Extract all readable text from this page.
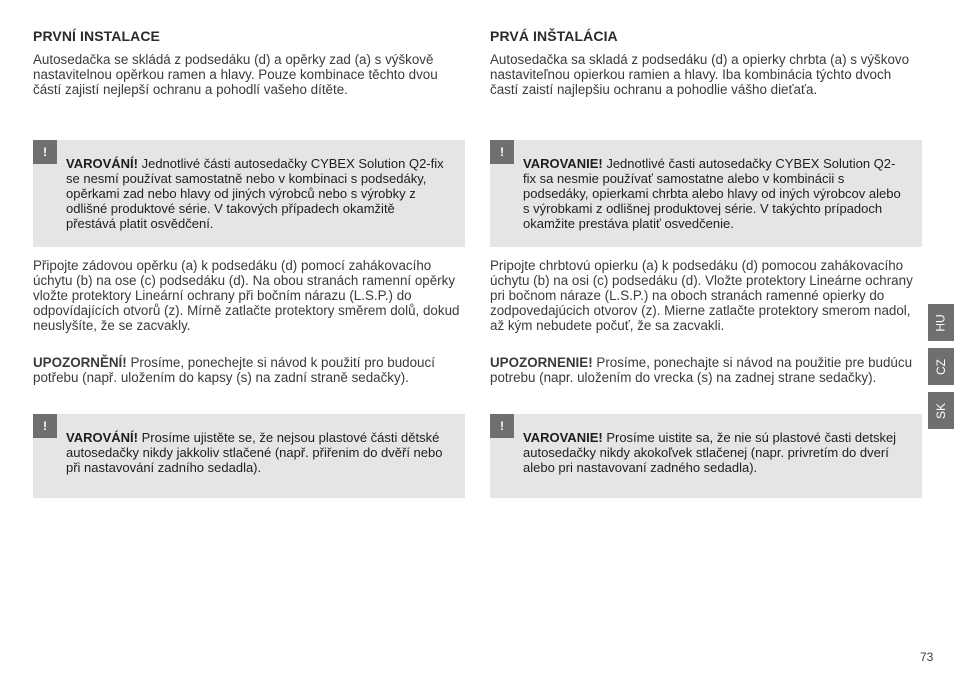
PRVNÍ INSTALACE

Autosedačka se skládá z podsedáku (d) a opěrky zad (a) s výškově nastavitelnou opěrkou ramen a hlavy. Pouze kombinace těchto dvou částí zajistí nejlepší ochranu a pohodlí vašeho dítěte.

!
VAROVÁNÍ! Jednotlivé části autosedačky CYBEX Solution Q2-fix se nesmí používat samostatně nebo v kombinaci s podsedáky, opěrkami zad nebo hlavy od jiných výrobců nebo s výrobky z odlišné produktové série. V takových případech okamžitě přestává platit osvědčení.

Připojte zádovou opěrku (a) k podsedáku (d) pomocí zahákovacího úchytu (b) na ose (c) podsedáku (d). Na obou stranách ramenní opěrky vložte protektory Lineární ochrany při bočním nárazu (L.S.P.) do odpovídajících otvorů (z). Mírně zatlačte protektory směrem dolů, dokud neuslyšíte, že se zacvakly.

UPOZORNĚNÍ! Prosíme, ponechejte si návod k použití pro budoucí potřebu (např. uložením do kapsy (s) na zadní straně sedačky).

!
VAROVÁNÍ! Prosíme ujistěte se, že nejsou plastové části dětské autosedačky nikdy jakkoliv stlačené (např. přiřenim do dvěří nebo při nastavování zadního sedadla).
PRVÁ INŠTALÁCIA

Autosedačka sa skladá z podsedáku (d) a opierky chrbta (a) s výškovo nastaviteľnou opierkou ramien a hlavy. Iba kombinácia týchto dvoch častí zaistí najlepšiu ochranu a pohodlie vášho dieťaťa.

!
VAROVANIE! Jednotlivé časti autosedačky CYBEX Solution Q2-fix sa nesmie používať samostatne alebo v kombinácii s podsedáky, opierkami chrbta alebo hlavy od iných výrobcov alebo s výrobkami z odlišnej produktovej série. V takýchto prípadoch okamžite prestáva platiť osvedčenie.

Pripojte chrbtovú opierku (a) k podsedáku (d) pomocou zahákovacího úchytu (b) na osi (c) podsedáku (d). Vložte protektory Lineárne ochrany pri bočnom náraze (L.S.P.) na oboch stranách ramenné opierky do zodpovedajúcich otvorov (z). Mierne zatlačte protektory smerom nadol, až kým nebudete počuť, že sa zacvakli.

UPOZORNENIE! Prosíme, ponechajte si návod na použitie pre budúcu potrebu (napr. uložením do vrecka (s) na zadnej strane sedačky).

!
VAROVANIE! Prosíme uistite sa, že nie sú plastové časti detskej autosedačky nikdy akokoľvek stlačenej (napr. privretím do dverí alebo pri nastavovaní zadného sedadla).
HU
CZ
SK
73
